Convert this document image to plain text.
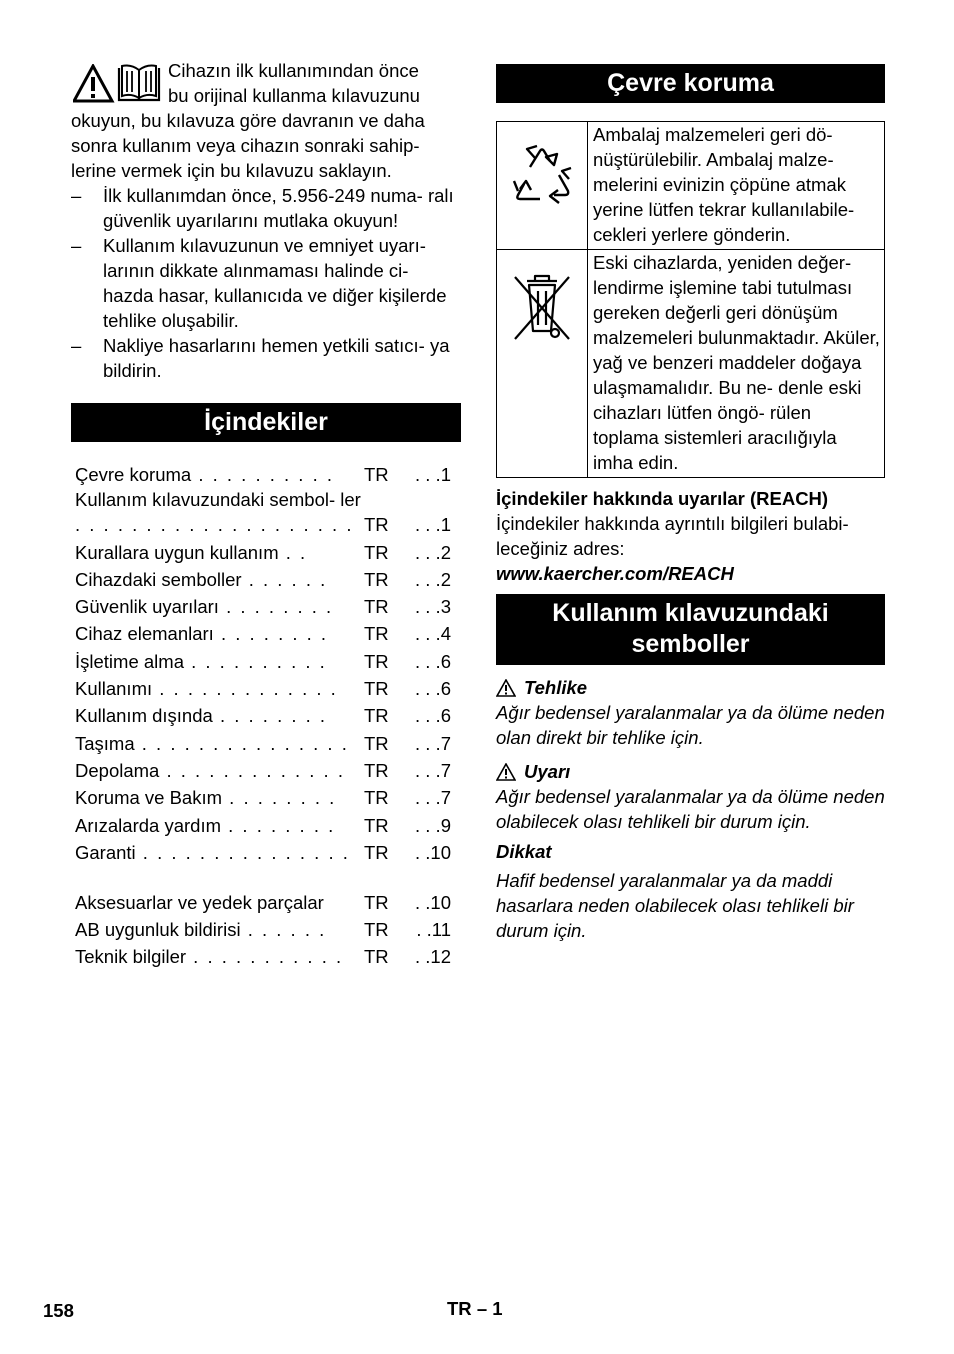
Cihazın ilk kullanımından önce
bu orijinal kullanma kılavuzunu
okuyun, bu kılavuza göre davranın ve daha
sonra kullanım veya cihazın sonraki sahip-
lerine vermek için bu kılavuzu saklayın.
– İlk kullanımdan önce, 5.956-249 numa- ralı güvenlik uyarılarını mutlaka okuyun!
– Kullanım kılavuzunun ve emniyet uyarı- larının dikkate alınmaması halinde ci- hazda hasar, kullanıcıda ve diğer kişilerde tehlike oluşabilir.
– Nakliye hasarlarını hemen yetkili satıcı- ya bildirin.
İçindekiler
Çevre koruma . . . . . . . . . .	TR	. . .1
Kullanım kılavuzundaki sembol- ler . . . . . . . . . . . . . . . . . . . .	TR	. . .1
Kurallara uygun kullanım . .	TR	. . .2
Cihazdaki semboller . . . . . .	TR	. . .2
Güvenlik uyarıları . . . . . . . .	TR	. . .3
Cihaz elemanları . . . . . . . .	TR	. . .4
İşletime alma . . . . . . . . . .	TR	. . .6
Kullanımı . . . . . . . . . . . . .	TR	. . .6
Kullanım dışında . . . . . . . .	TR	. . .6
Taşıma . . . . . . . . . . . . . . .	TR	. . .7
Depolama . . . . . . . . . . . . .	TR	. . .7
Koruma ve Bakım . . . . . . . .	TR	. . .7
Arızalarda yardım . . . . . . . .	TR	. . .9
Garanti . . . . . . . . . . . . . . .	TR	. .10
Aksesuarlar ve yedek parçalar	TR	. .10
AB uygunluk bildirisi . . . . . .	TR	. .11
Teknik bilgiler . . . . . . . . . . .	TR	. .12
Çevre koruma
	Ambalaj malzemeleri geri dö- nüştürülebilir. Ambalaj malze- melerini evinizin çöpüne atmak yerine lütfen tekrar kullanılabile- cekleri yerlere gönderin.
	Eski cihazlarda, yeniden değer- lendirme işlemine tabi tutulması gereken değerli geri dönüşüm malzemeleri bulunmaktadır. Aküler, yağ ve benzeri maddeler doğaya ulaşmamalıdır. Bu ne- denle eski cihazları lütfen öngö- rülen toplama sistemleri aracılığıyla imha edin.
İçindekiler hakkında uyarılar (REACH)
İçindekiler hakkında ayrıntılı bilgileri bulabi- leceğiniz adres:
www.kaercher.com/REACH
Kullanım kılavuzundaki
semboller
Tehlike
Ağır bedensel yaralanmalar ya da ölüme neden olan direkt bir tehlike için.
Uyarı
Ağır bedensel yaralanmalar ya da ölüme neden olabilecek olası tehlikeli bir durum için.
Dikkat
Hafif bedensel yaralanmalar ya da maddi hasarlara neden olabilecek olası tehlikeli bir durum için.
158	TR – 1
